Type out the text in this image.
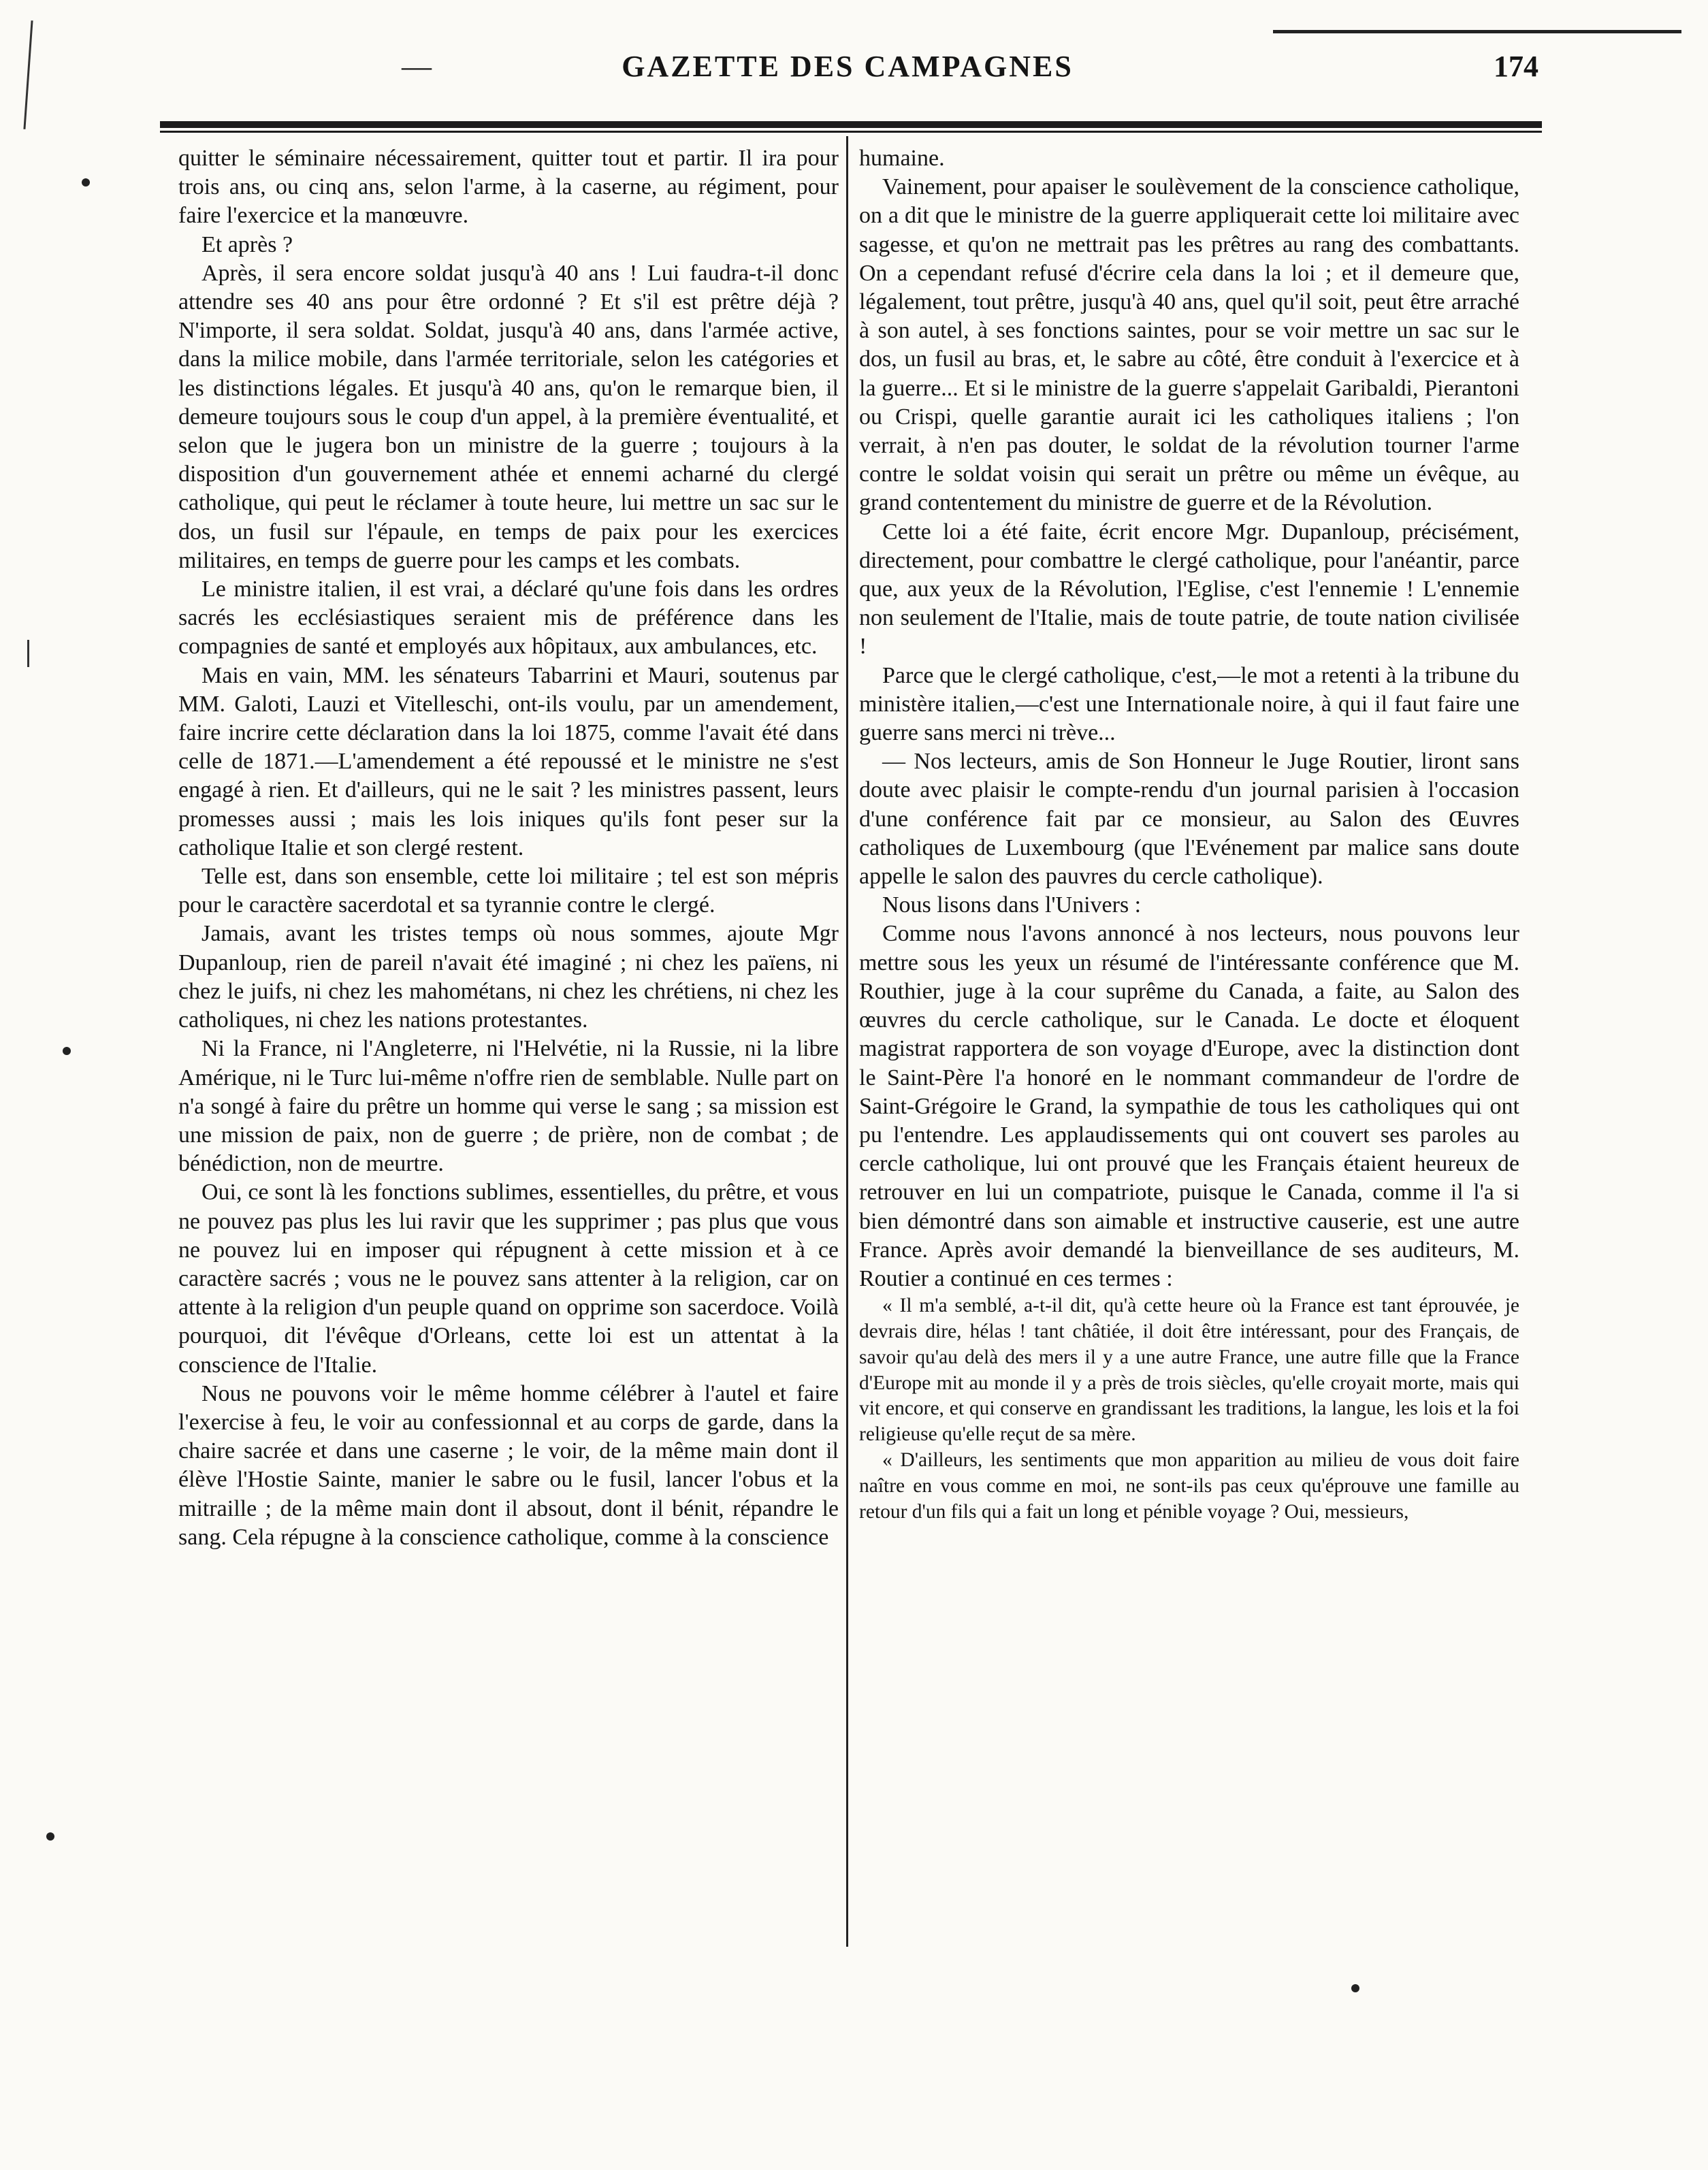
—	GAZETTE DES CAMPAGNES	174

quitter le séminaire nécessairement, quitter tout et partir. Il ira pour trois ans, ou cinq ans, selon l'arme, à la caserne, au régiment, pour faire l'exercice et la manœuvre.

Et après ?

Après, il sera encore soldat jusqu'à 40 ans ! Lui faudra-t-il donc attendre ses 40 ans pour être ordonné ? Et s'il est prêtre déjà ? N'importe, il sera soldat. Soldat, jusqu'à 40 ans, dans l'armée active, dans la milice mobile, dans l'armée territoriale, selon les catégories et les distinctions légales. Et jusqu'à 40 ans, qu'on le remarque bien, il demeure toujours sous le coup d'un appel, à la première éventualité, et selon que le jugera bon un ministre de la guerre ; toujours à la disposition d'un gouvernement athée et ennemi acharné du clergé catholique, qui peut le réclamer à toute heure, lui mettre un sac sur le dos, un fusil sur l'épaule, en temps de paix pour les exercices militaires, en temps de guerre pour les camps et les combats.

Le ministre italien, il est vrai, a déclaré qu'une fois dans les ordres sacrés les ecclésiastiques seraient mis de préférence dans les compagnies de santé et employés aux hôpitaux, aux ambulances, etc.

Mais en vain, MM. les sénateurs Tabarrini et Mauri, soutenus par MM. Galoti, Lauzi et Vitelleschi, ont-ils voulu, par un amendement, faire incrire cette déclaration dans la loi 1875, comme l'avait été dans celle de 1871.—L'amendement a été repoussé et le ministre ne s'est engagé à rien. Et d'ailleurs, qui ne le sait ? les ministres passent, leurs promesses aussi ; mais les lois iniques qu'ils font peser sur la catholique Italie et son clergé restent.

Telle est, dans son ensemble, cette loi militaire ; tel est son mépris pour le caractère sacerdotal et sa tyrannie contre le clergé.

Jamais, avant les tristes temps où nous sommes, ajoute Mgr Dupanloup, rien de pareil n'avait été imaginé ; ni chez les païens, ni chez le juifs, ni chez les mahométans, ni chez les chrétiens, ni chez les catholiques, ni chez les nations protestantes.

Ni la France, ni l'Angleterre, ni l'Helvétie, ni la Russie, ni la libre Amérique, ni le Turc lui-même n'offre rien de semblable. Nulle part on n'a songé à faire du prêtre un homme qui verse le sang ; sa mission est une mission de paix, non de guerre ; de prière, non de combat ; de bénédiction, non de meurtre.

Oui, ce sont là les fonctions sublimes, essentielles, du prêtre, et vous ne pouvez pas plus les lui ravir que les supprimer ; pas plus que vous ne pouvez lui en imposer qui répugnent à cette mission et à ce caractère sacrés ; vous ne le pouvez sans attenter à la religion, car on attente à la religion d'un peuple quand on opprime son sacerdoce. Voilà pourquoi, dit l'évêque d'Orleans, cette loi est un attentat à la conscience de l'Italie.

Nous ne pouvons voir le même homme célébrer à l'autel et faire l'exercise à feu, le voir au confessionnal et au corps de garde, dans la chaire sacrée et dans une caserne ; le voir, de la même main dont il élève l'Hostie Sainte, manier le sabre ou le fusil, lancer l'obus et la mitraille ; de la même main dont il absout, dont il bénit, répandre le sang. Cela répugne à la conscience catholique, comme à la conscience

humaine.

Vainement, pour apaiser le soulèvement de la conscience catholique, on a dit que le ministre de la guerre appliquerait cette loi militaire avec sagesse, et qu'on ne mettrait pas les prêtres au rang des combattants. On a cependant refusé d'écrire cela dans la loi ; et il demeure que, légalement, tout prêtre, jusqu'à 40 ans, quel qu'il soit, peut être arraché à son autel, à ses fonctions saintes, pour se voir mettre un sac sur le dos, un fusil au bras, et, le sabre au côté, être conduit à l'exercice et à la guerre... Et si le ministre de la guerre s'appelait Garibaldi, Pierantoni ou Crispi, quelle garantie aurait ici les catholiques italiens ; l'on verrait, à n'en pas douter, le soldat de la révolution tourner l'arme contre le soldat voisin qui serait un prêtre ou même un évêque, au grand contentement du ministre de guerre et de la Révolution.

Cette loi a été faite, écrit encore Mgr. Dupanloup, précisément, directement, pour combattre le clergé catholique, pour l'anéantir, parce que, aux yeux de la Révolution, l'Eglise, c'est l'ennemie ! L'ennemie non seulement de l'Italie, mais de toute patrie, de toute nation civilisée !

Parce que le clergé catholique, c'est,—le mot a retenti à la tribune du ministère italien,—c'est une Internationale noire, à qui il faut faire une guerre sans merci ni trève...

— Nos lecteurs, amis de Son Honneur le Juge Routier, liront sans doute avec plaisir le compte-rendu d'un journal parisien à l'occasion d'une conférence fait par ce monsieur, au Salon des Œuvres catholiques de Luxembourg (que l'Evénement par malice sans doute appelle le salon des pauvres du cercle catholique).

Nous lisons dans l'Univers :

Comme nous l'avons annoncé à nos lecteurs, nous pouvons leur mettre sous les yeux un résumé de l'intéressante conférence que M. Routhier, juge à la cour suprême du Canada, a faite, au Salon des œuvres du cercle catholique, sur le Canada. Le docte et éloquent magistrat rapportera de son voyage d'Europe, avec la distinction dont le Saint-Père l'a honoré en le nommant commandeur de l'ordre de Saint-Grégoire le Grand, la sympathie de tous les catholiques qui ont pu l'entendre. Les applaudissements qui ont couvert ses paroles au cercle catholique, lui ont prouvé que les Français étaient heureux de retrouver en lui un compatriote, puisque le Canada, comme il l'a si bien démontré dans son aimable et instructive causerie, est une autre France. Après avoir demandé la bienveillance de ses auditeurs, M. Routier a continué en ces termes :

« Il m'a semblé, a-t-il dit, qu'à cette heure où la France est tant éprouvée, je devrais dire, hélas ! tant châtiée, il doit être intéressant, pour des Français, de savoir qu'au delà des mers il y a une autre France, une autre fille que la France d'Europe mit au monde il y a près de trois siècles, qu'elle croyait morte, mais qui vit encore, et qui conserve en grandissant les traditions, la langue, les lois et la foi religieuse qu'elle reçut de sa mère.

« D'ailleurs, les sentiments que mon apparition au milieu de vous doit faire naître en vous comme en moi, ne sont-ils pas ceux qu'éprouve une famille au retour d'un fils qui a fait un long et pénible voyage ? Oui, messieurs,
